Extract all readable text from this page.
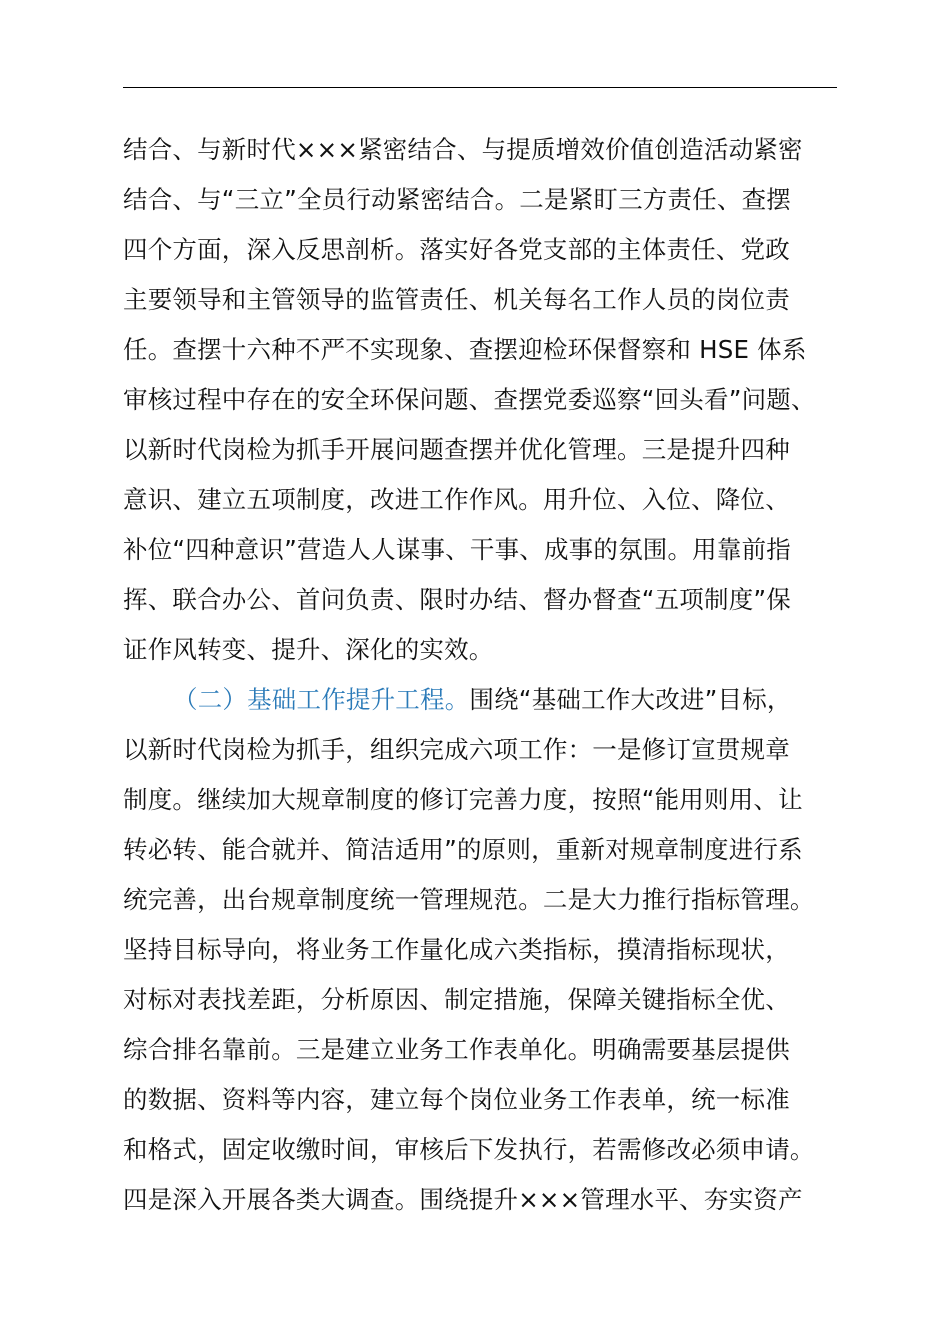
结合、与新时代×××紧密结合、与提质增效价值创造活动紧密
结合、与“三立”全员行动紧密结合。二是紧盯三方责任、查摆
四个方面，深入反思剖析。落实好各党支部的主体责任、党政
主要领导和主管领导的监管责任、机关每名工作人员的岗位责
任。查摆十六种不严不实现象、查摆迎检环保督察和 HSE 体系
审核过程中存在的安全环保问题、查摆党委巡察“回头看”问题、
以新时代岗检为抓手开展问题查摆并优化管理。三是提升四种
意识、建立五项制度，改进工作作风。用升位、入位、降位、
补位“四种意识”营造人人谋事、干事、成事的氛围。用靠前指
挥、联合办公、首问负责、限时办结、督办督查“五项制度”保
证作风转变、提升、深化的实效。
（二）基础工作提升工程。围绕“基础工作大改进”目标，
以新时代岗检为抓手，组织完成六项工作：一是修订宣贯规章
制度。继续加大规章制度的修订完善力度，按照“能用则用、让
转必转、能合就并、简洁适用”的原则，重新对规章制度进行系
统完善，出台规章制度统一管理规范。二是大力推行指标管理。
坚持目标导向，将业务工作量化成六类指标，摸清指标现状，
对标对表找差距，分析原因、制定措施，保障关键指标全优、
综合排名靠前。三是建立业务工作表单化。明确需要基层提供
的数据、资料等内容，建立每个岗位业务工作表单，统一标准
和格式，固定收缴时间，审核后下发执行，若需修改必须申请。
四是深入开展各类大调查。围绕提升×××管理水平、夯实资产
